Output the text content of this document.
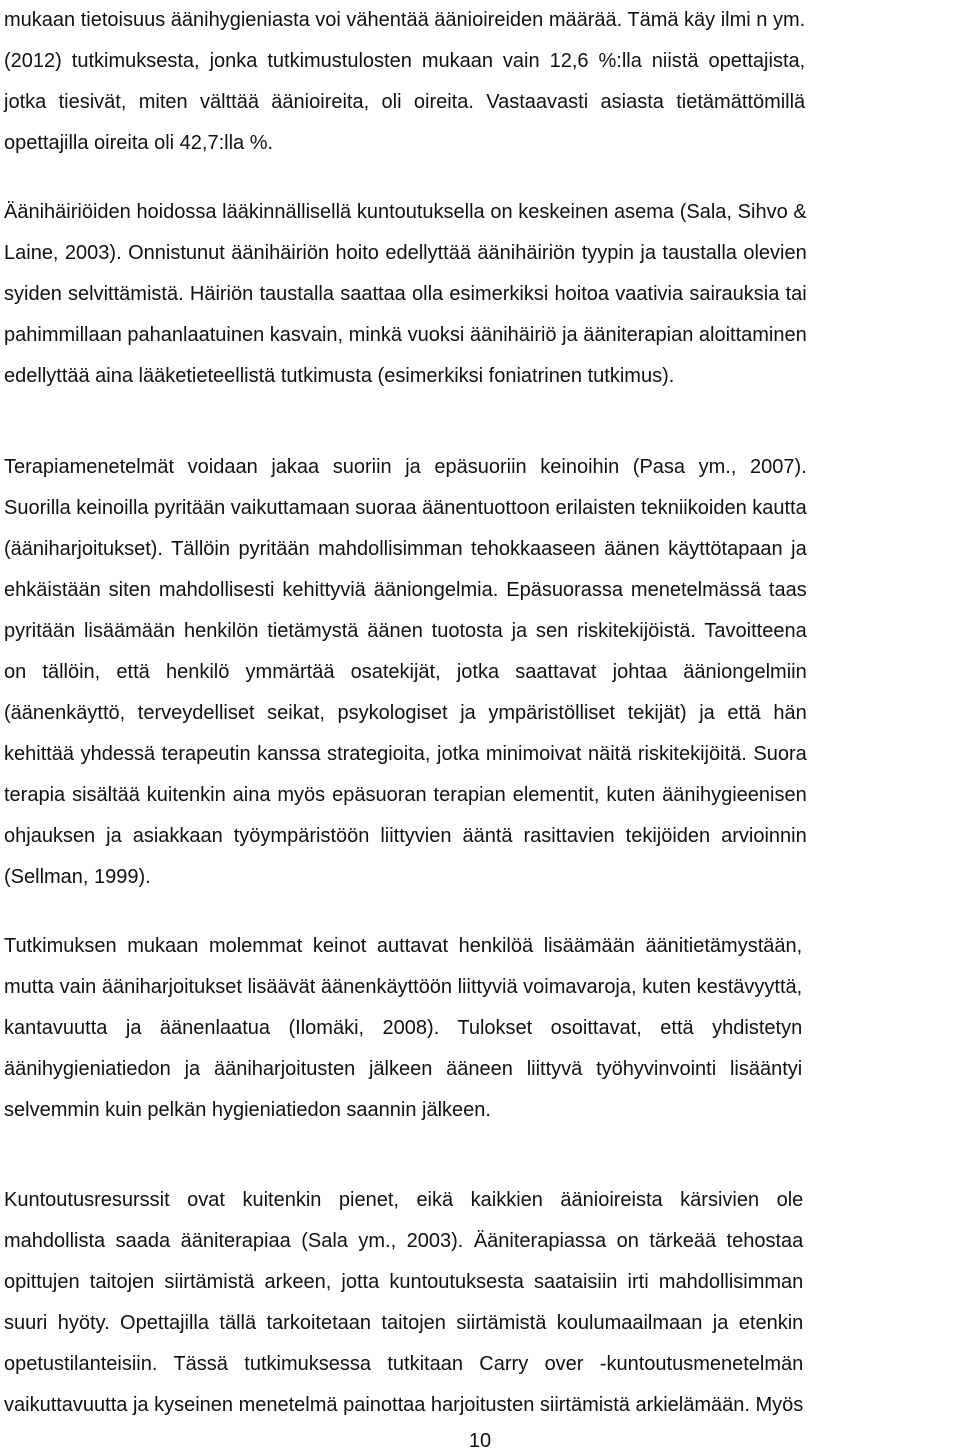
mukaan tietoisuus äänihygieniasta voi vähentää äänioireiden määrää. Tämä käy ilmi n ym.
(2012) tutkimuksesta, jonka tutkimustulosten mukaan vain 12,6 %:lla niistä opettajista,
jotka tiesivät, miten välttää äänioireita, oli oireita. Vastaavasti asiasta tietämättömillä
opettajilla oireita oli 42,7:lla %.
Äänihäiriöiden hoidossa lääkinnällisellä kuntoutuksella on keskeinen asema (Sala, Sihvo &
Laine, 2003). Onnistunut äänihäiriön hoito edellyttää äänihäiriön tyypin ja taustalla olevien
syiden selvittämistä. Häiriön taustalla saattaa olla esimerkiksi hoitoa vaativia sairauksia tai
pahimmillaan pahanlaatuinen kasvain, minkä vuoksi äänihäiriö ja ääniterapian aloittaminen
edellyttää aina lääketieteellistä tutkimusta (esimerkiksi foniatrinen tutkimus).
Terapiamenetelmät voidaan jakaa suoriin ja epäsuoriin keinoihin (Pasa ym., 2007).
Suorilla keinoilla pyritään vaikuttamaan suoraa äänentuottoon erilaisten tekniikoiden kautta
(ääniharjoitukset). Tällöin pyritään mahdollisimman tehokkaaseen äänen käyttötapaan ja
ehkäistään siten mahdollisesti kehittyviä ääniongelmia. Epäsuorassa menetelmässä taas
pyritään lisäämään henkilön tietämystä äänen tuotosta ja sen riskitekijöistä. Tavoitteena
on tällöin, että henkilö ymmärtää osatekijät, jotka saattavat johtaa ääniongelmiin
(äänenkäyttö, terveydelliset seikat, psykologiset ja ympäristölliset tekijät) ja että hän
kehittää yhdessä terapeutin kanssa strategioita, jotka minimoivat näitä riskitekijöitä. Suora
terapia sisältää kuitenkin aina myös epäsuoran terapian elementit, kuten äänihygieenisen
ohjauksen ja asiakkaan työympäristöön liittyvien ääntä rasittavien tekijöiden arvioinnin
(Sellman, 1999).
Tutkimuksen mukaan molemmat keinot auttavat henkilöä lisäämään äänitietämystään,
mutta vain ääniharjoitukset lisäävät äänenkäyttöön liittyviä voimavaroja, kuten kestävyyttä,
kantavuutta ja äänenlaatua (Ilomäki, 2008). Tulokset osoittavat, että yhdistetyn
äänihygieniatiedon ja ääniharjoitusten jälkeen ääneen liittyvä työhyvinvointi lisääntyi
selvemmin kuin pelkän hygieniatiedon saannin jälkeen.
Kuntoutusresurssit ovat kuitenkin pienet, eikä kaikkien äänioireista kärsivien ole
mahdollista saada ääniterapiaa (Sala ym., 2003). Ääniterapiassa on tärkeää tehostaa
opittujen taitojen siirtämistä arkeen, jotta kuntoutuksesta saataisiin irti mahdollisimman
suuri hyöty. Opettajilla tällä tarkoitetaan taitojen siirtämistä koulumaailmaan ja etenkin
opetustilanteisiin. Tässä tutkimuksessa tutkitaan Carry over -kuntoutusmenetelmän
vaikuttavuutta ja kyseinen menetelmä painottaa harjoitusten siirtämistä arkielämään. Myös
10
